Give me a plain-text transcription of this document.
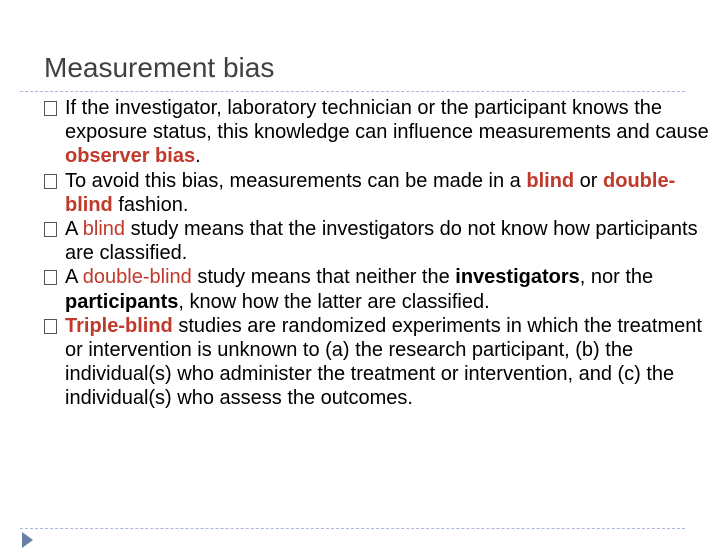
Measurement bias
If the investigator, laboratory technician or the participant knows the exposure status, this knowledge can influence measurements and cause observer bias.
To avoid this bias, measurements can be made in a blind or double-blind fashion.
A blind study means that the investigators do not know how participants are classified.
A double-blind study means that neither the investigators, nor the participants, know how the latter are classified.
Triple-blind studies are randomized experiments in which the treatment or intervention is unknown to (a) the research participant, (b) the individual(s) who administer the treatment or intervention, and (c) the individual(s) who assess the outcomes.
